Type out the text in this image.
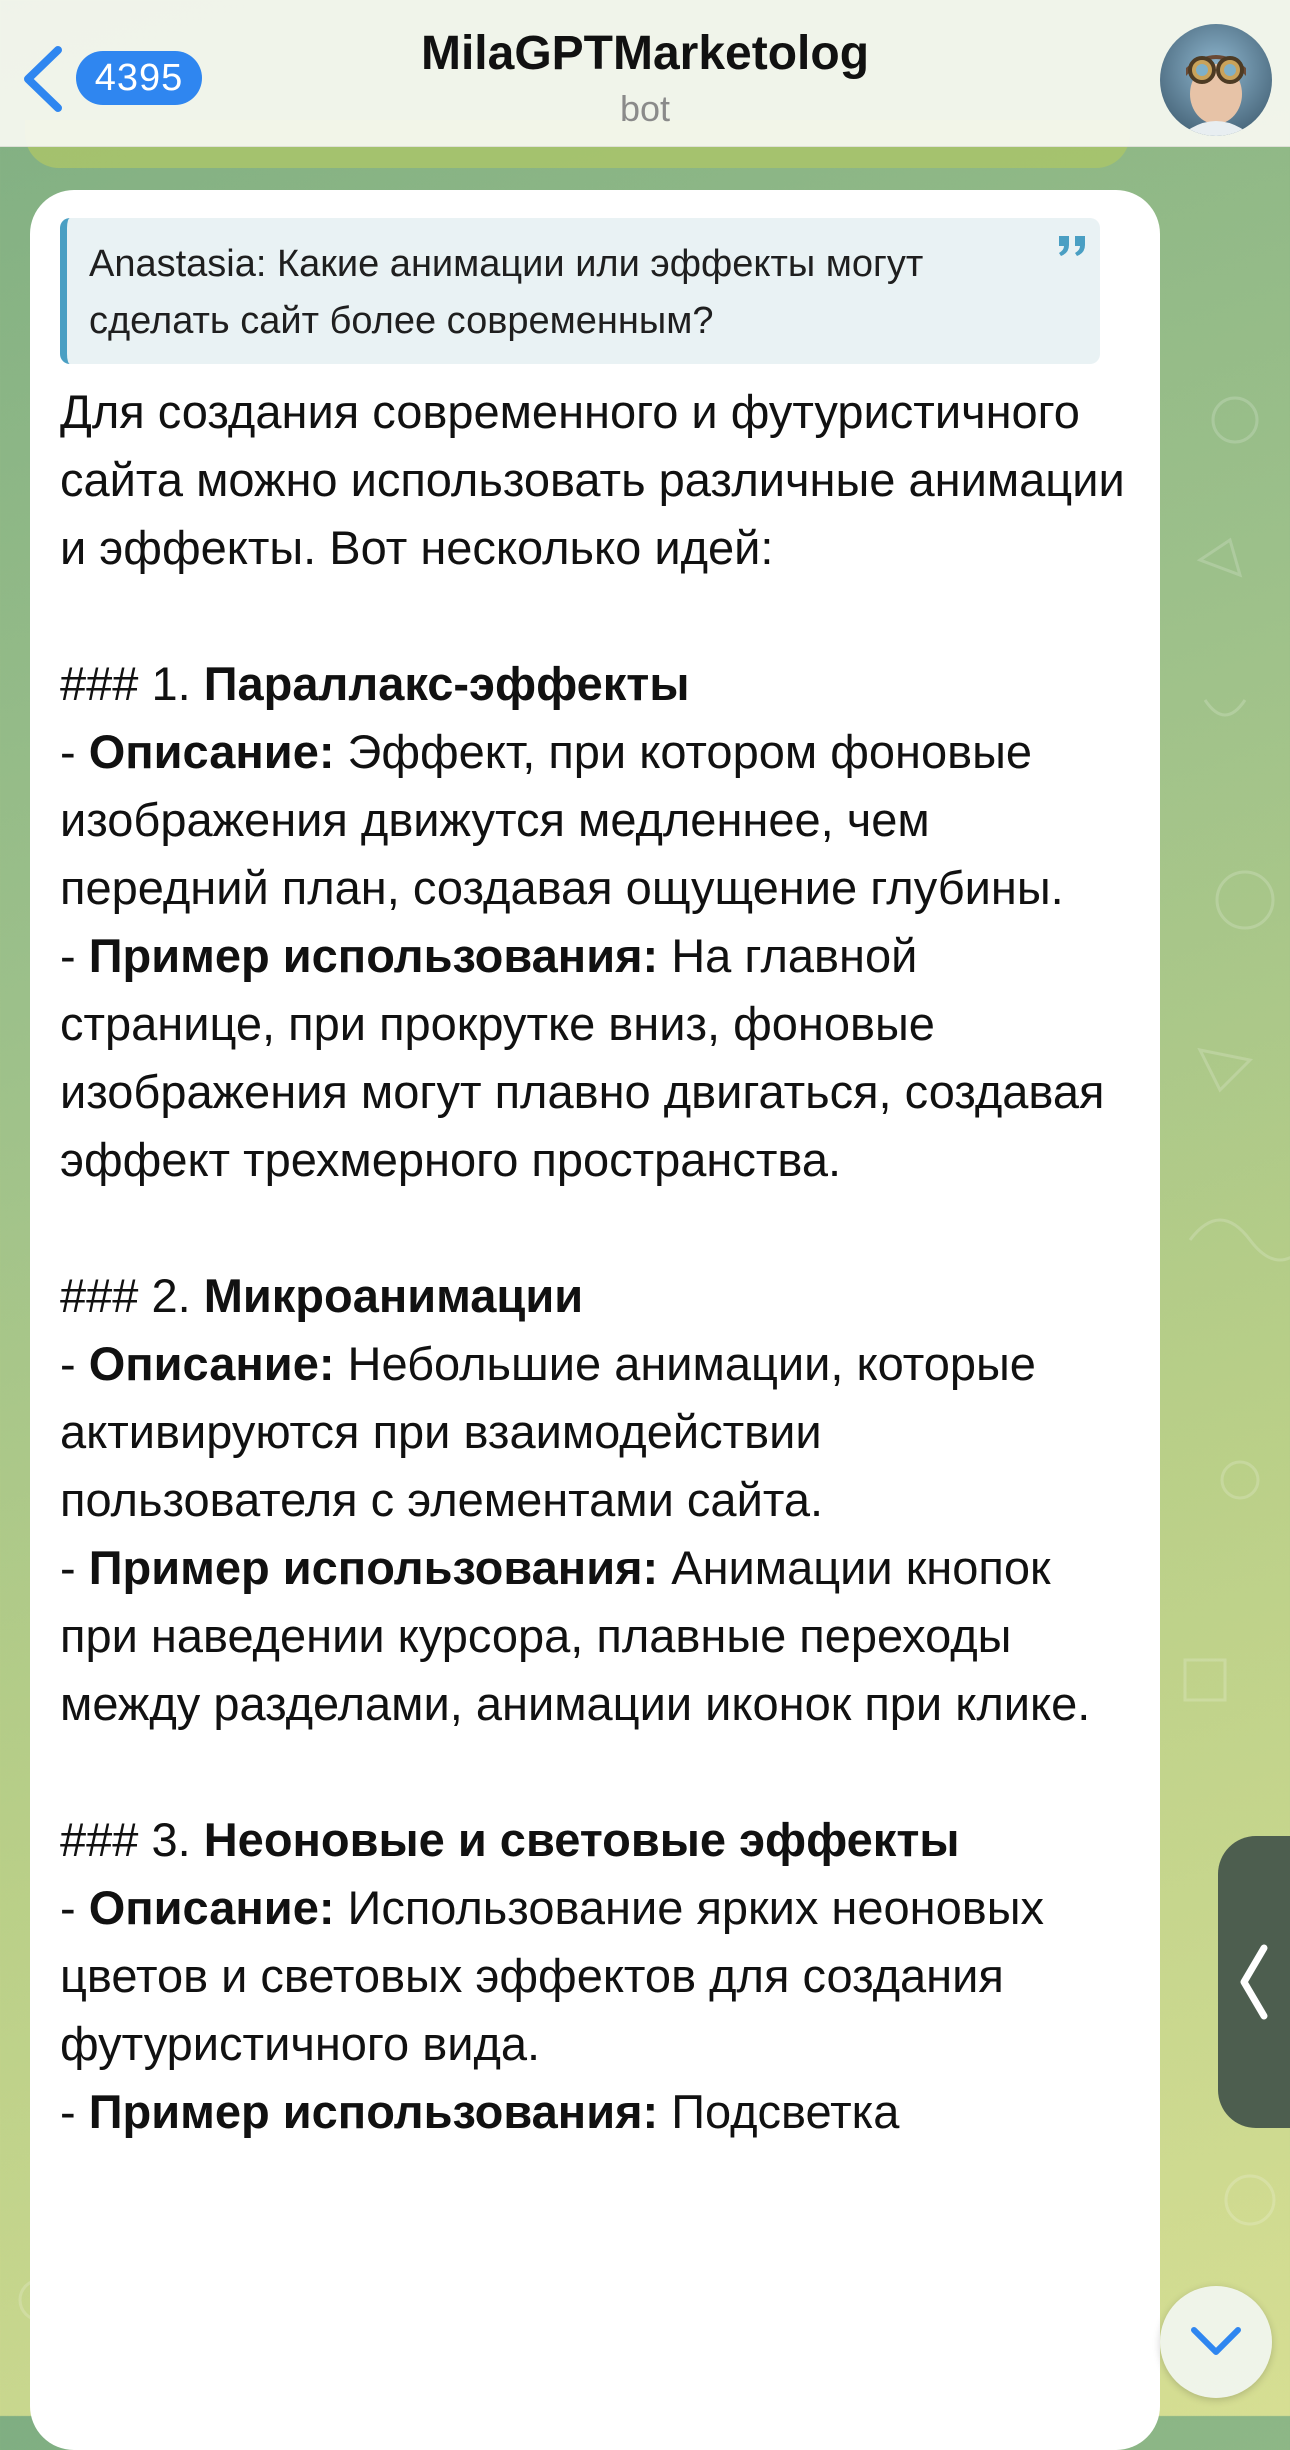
4395	MilaGPTMarketolog
bot
Anastasia: Какие анимации или эффекты могут сделать сайт более современным?

Для создания современного и футуристичного сайта можно использовать различные анимации и эффекты. Вот несколько идей:

### 1. Параллакс-эффекты

- Описание: Эффект, при котором фоновые изображения движутся медленнее, чем передний план, создавая ощущение глубины.

- Пример использования: На главной странице, при прокрутке вниз, фоновые изображения могут плавно двигаться, создавая эффект трехмерного пространства.

### 2. Микроанимации

- Описание: Небольшие анимации, которые активируются при взаимодействии пользователя с элементами сайта.

- Пример использования: Анимации кнопок при наведении курсора, плавные переходы между разделами, анимации иконок при клике.

### 3. Неоновые и световые эффекты

- Описание: Использование ярких неоновых цветов и световых эффектов для создания футуристичного вида.

- Пример использования: Подсветка
